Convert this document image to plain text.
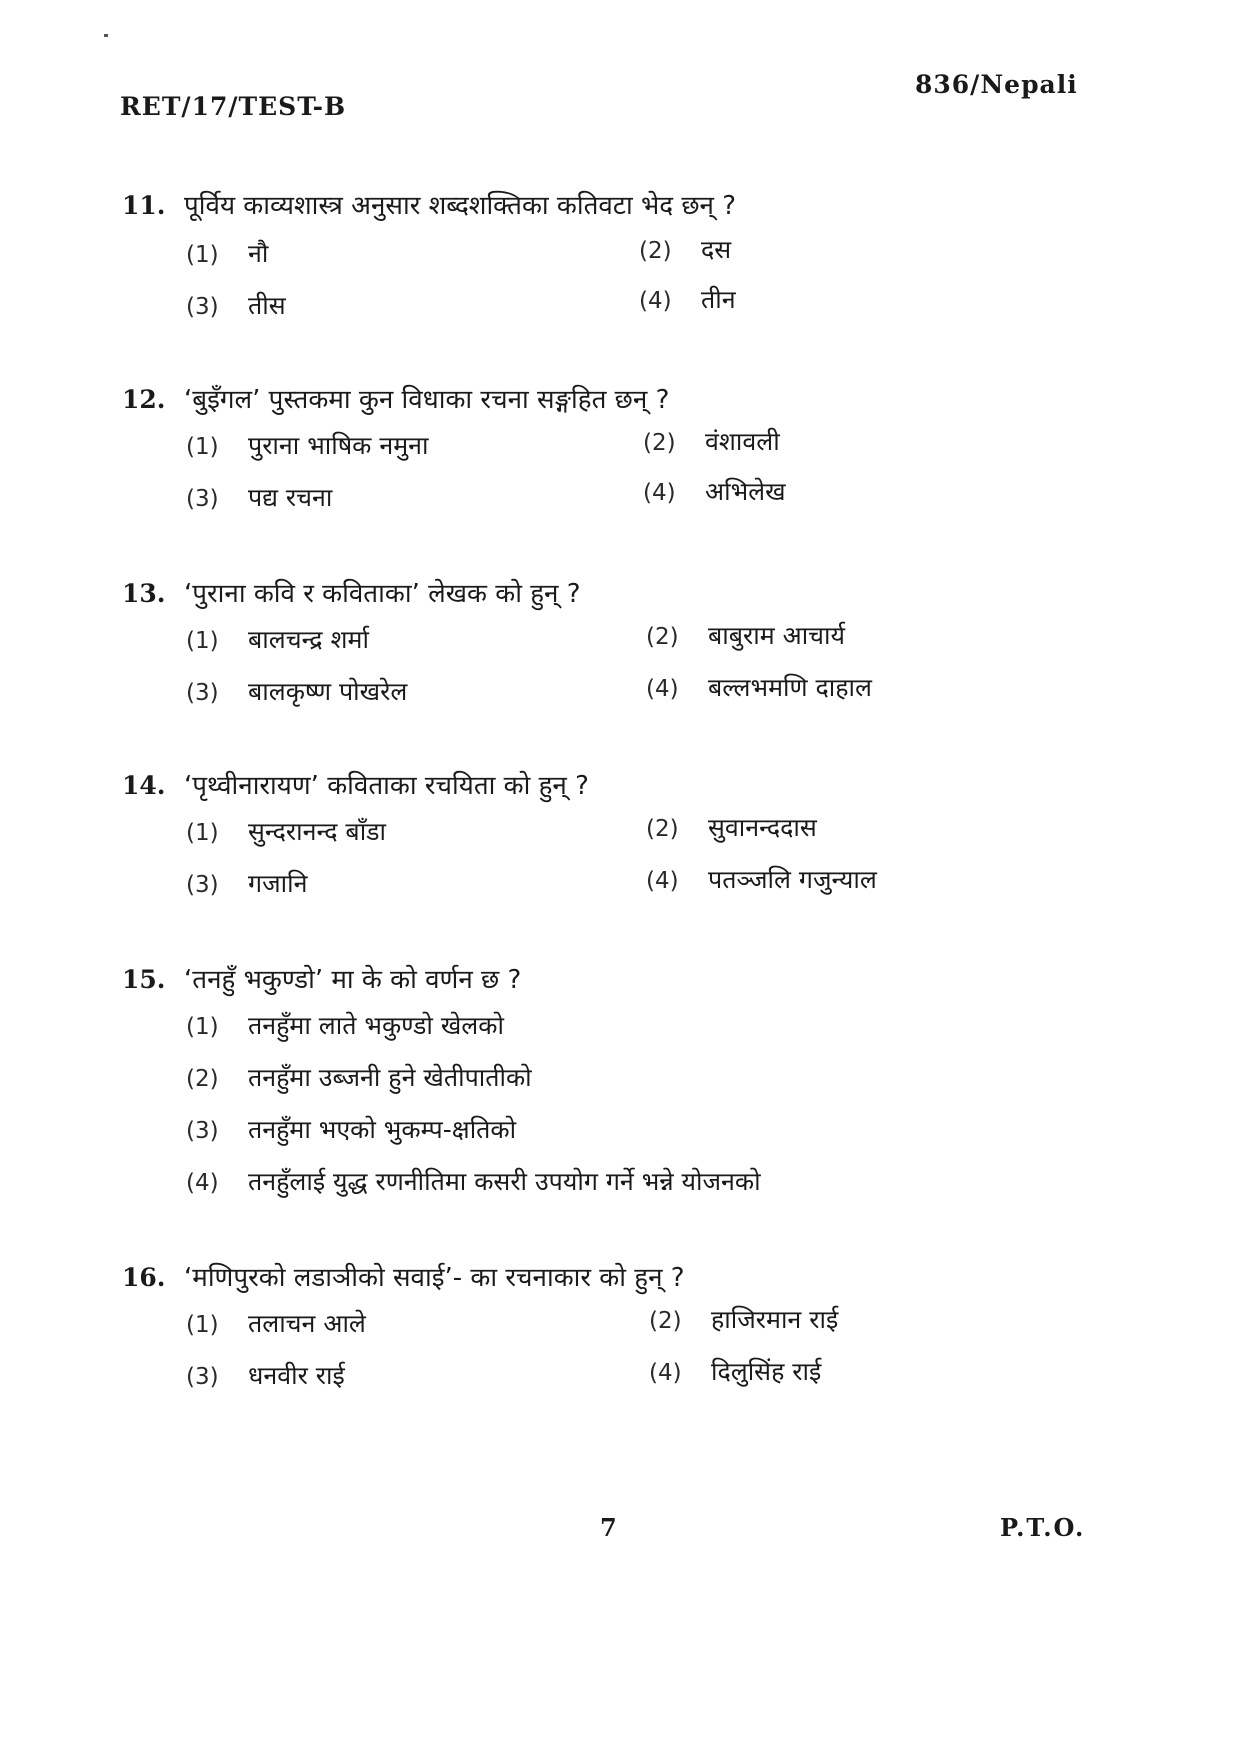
RET/17/TEST-B
836/Nepali
11. पूर्विय काव्यशास्त्र अनुसार शब्दशक्तिका कतिवटा भेद छन् ?
(1)	नौ	(2)	दस
(3)	तीस	(4)	तीन
12. ‘बुइँगल’ पुस्तकमा कुन विधाका रचना सङ्गहित छन् ?
(1)	पुराना भाषिक नमुना	(2)	वंशावली
(3)	पद्य रचना	(4)	अभिलेख
13. ‘पुराना कवि र कविताका’ लेखक को हुन् ?
(1)	बालचन्द्र शर्मा	(2)	बाबुराम आचार्य
(3)	बालकृष्ण पोखरेल	(4)	बल्लभमणि दाहाल
14. ‘पृथ्वीनारायण’ कविताका रचयिता को हुन् ?
(1)	सुन्दरानन्द बाँडा	(2)	सुवानन्ददास
(3)	गजानि	(4)	पतञ्जलि गजुन्याल
15. ‘तनहुँ भकुण्डो’ मा के को वर्णन छ ?
(1)	तनहुँमा लाते भकुण्डो खेलको
(2)	तनहुँमा उब्जनी हुने खेतीपातीको
(3)	तनहुँमा भएको भुकम्प-क्षतिको
(4)	तनहुँलाई युद्ध रणनीतिमा कसरी उपयोग गर्ने भन्ने योजनको
16. ‘मणिपुरको लडाञीको सवाई’- का रचनाकार को हुन् ?
(1)	तलाचन आले	(2)	हाजिरमान राई
(3)	धनवीर राई	(4)	दिलुसिंह राई
7	P.T.O.
